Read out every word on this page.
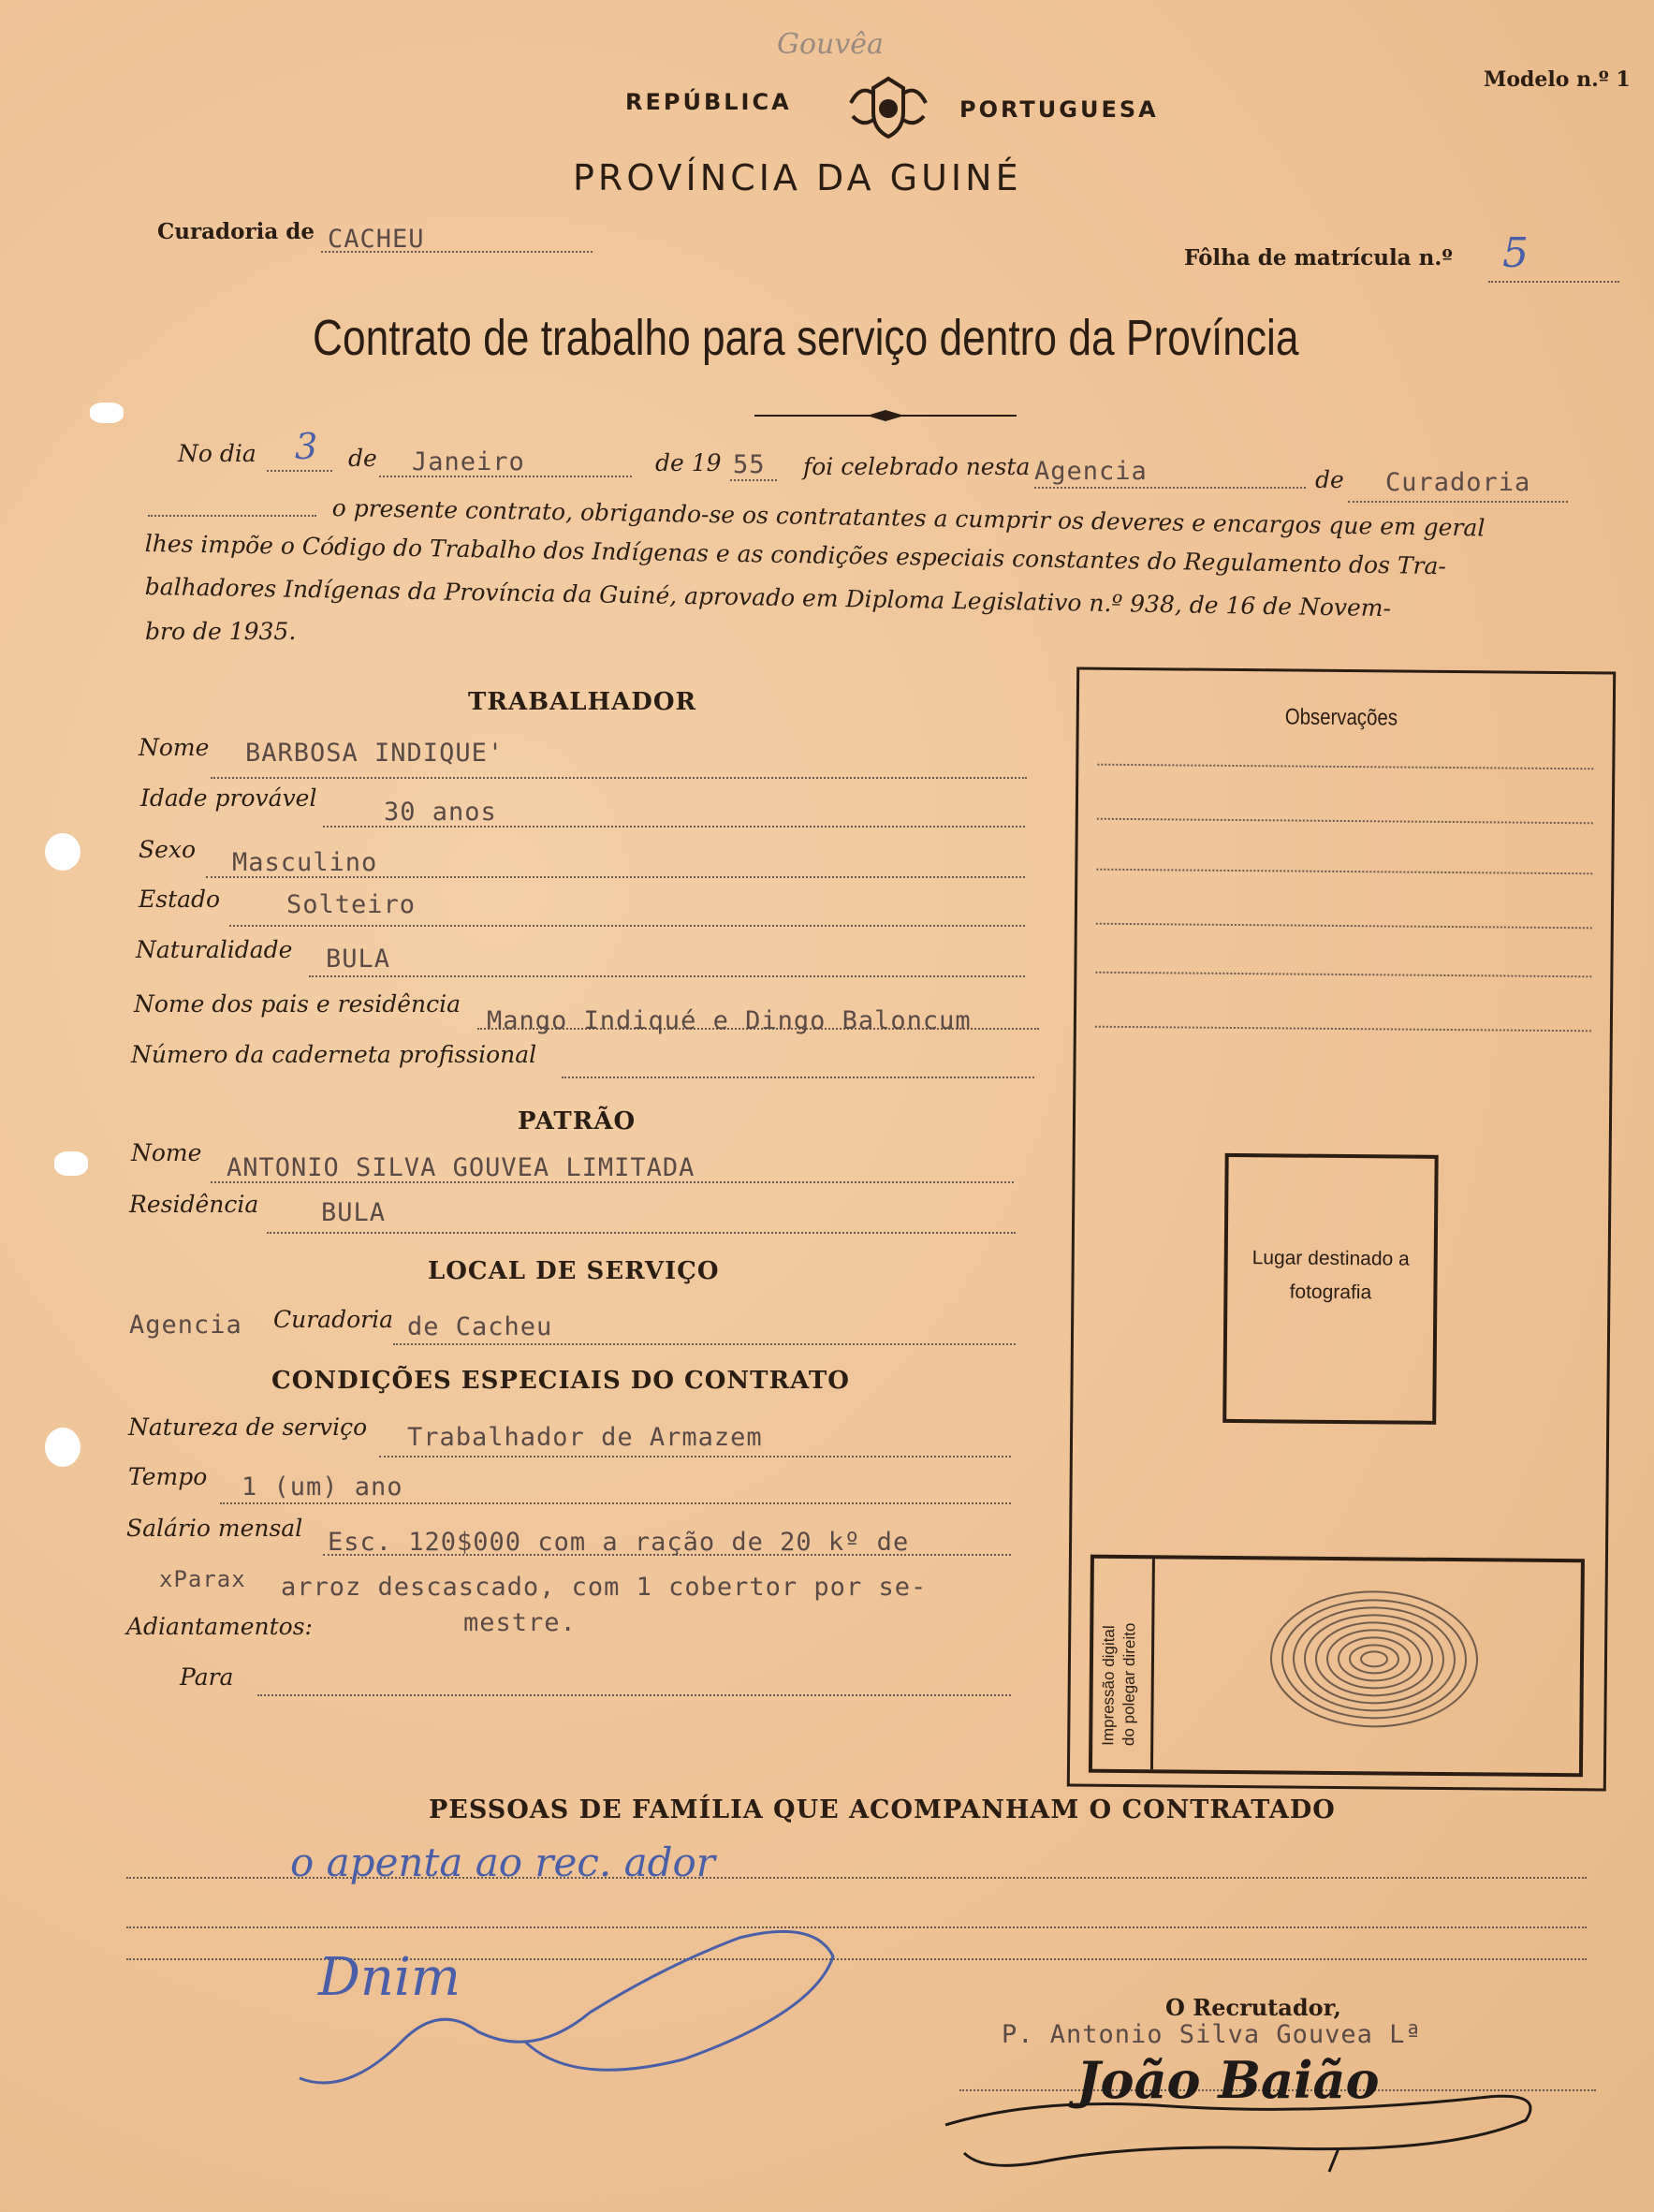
Gouvêa
Modelo n.º 1
REPÚBLICA	PORTUGUESA
PROVÍNCIA DA GUINÉ
Curadoria de CACHEU
Fôlha de matrícula n.º 5
Contrato de trabalho para serviço dentro da Província
No dia 3 de Janeiro	de 19 55 foi celebrado nesta Agencia	de Curadoria
o presente contrato, obrigando-se os contratantes a cumprir os deveres e encargos que em geral
lhes impõe o Código do Trabalho dos Indígenas e as condições especiais constantes do Regulamento dos Tra-
balhadores Indígenas da Província da Guiné, aprovado em Diploma Legislativo n.º 938, de 16 de Novem-
bro de 1935.
TRABALHADOR
Nome BARBOSA INDIQUE'
Idade provável	30 anos
Sexo Masculino
Estado	Solteiro
Naturalidade BULA
Nome dos pais e residência
Mango Indiqué e Dingo Baloncum
Número da caderneta profissional
PATRÃO
Nome
ANTONIO SILVA GOUVEA LIMITADA
Residência BULA
LOCAL DE SERVIÇO
Agencia Curadoria de Cacheu
CONDIÇÕES ESPECIAIS DO CONTRATO
Natureza de serviço Trabalhador de Armazem
Tempo 1 (um) ano
Salário mensal Esc. 120$000 com a ração de 20 kº de
xParax arroz descascado, com 1 cobertor por se-
mestre.
Adiantamentos:
Para
Observações
Lugar destinado a fotografia
Impressão digital do polegar direito
PESSOAS DE FAMÍLIA QUE ACOMPANHAM O CONTRATADO
o apenta ao rec. ador
Dnim	O Recrutador,
P. Antonio Silva Gouvea Lª
João Baião
